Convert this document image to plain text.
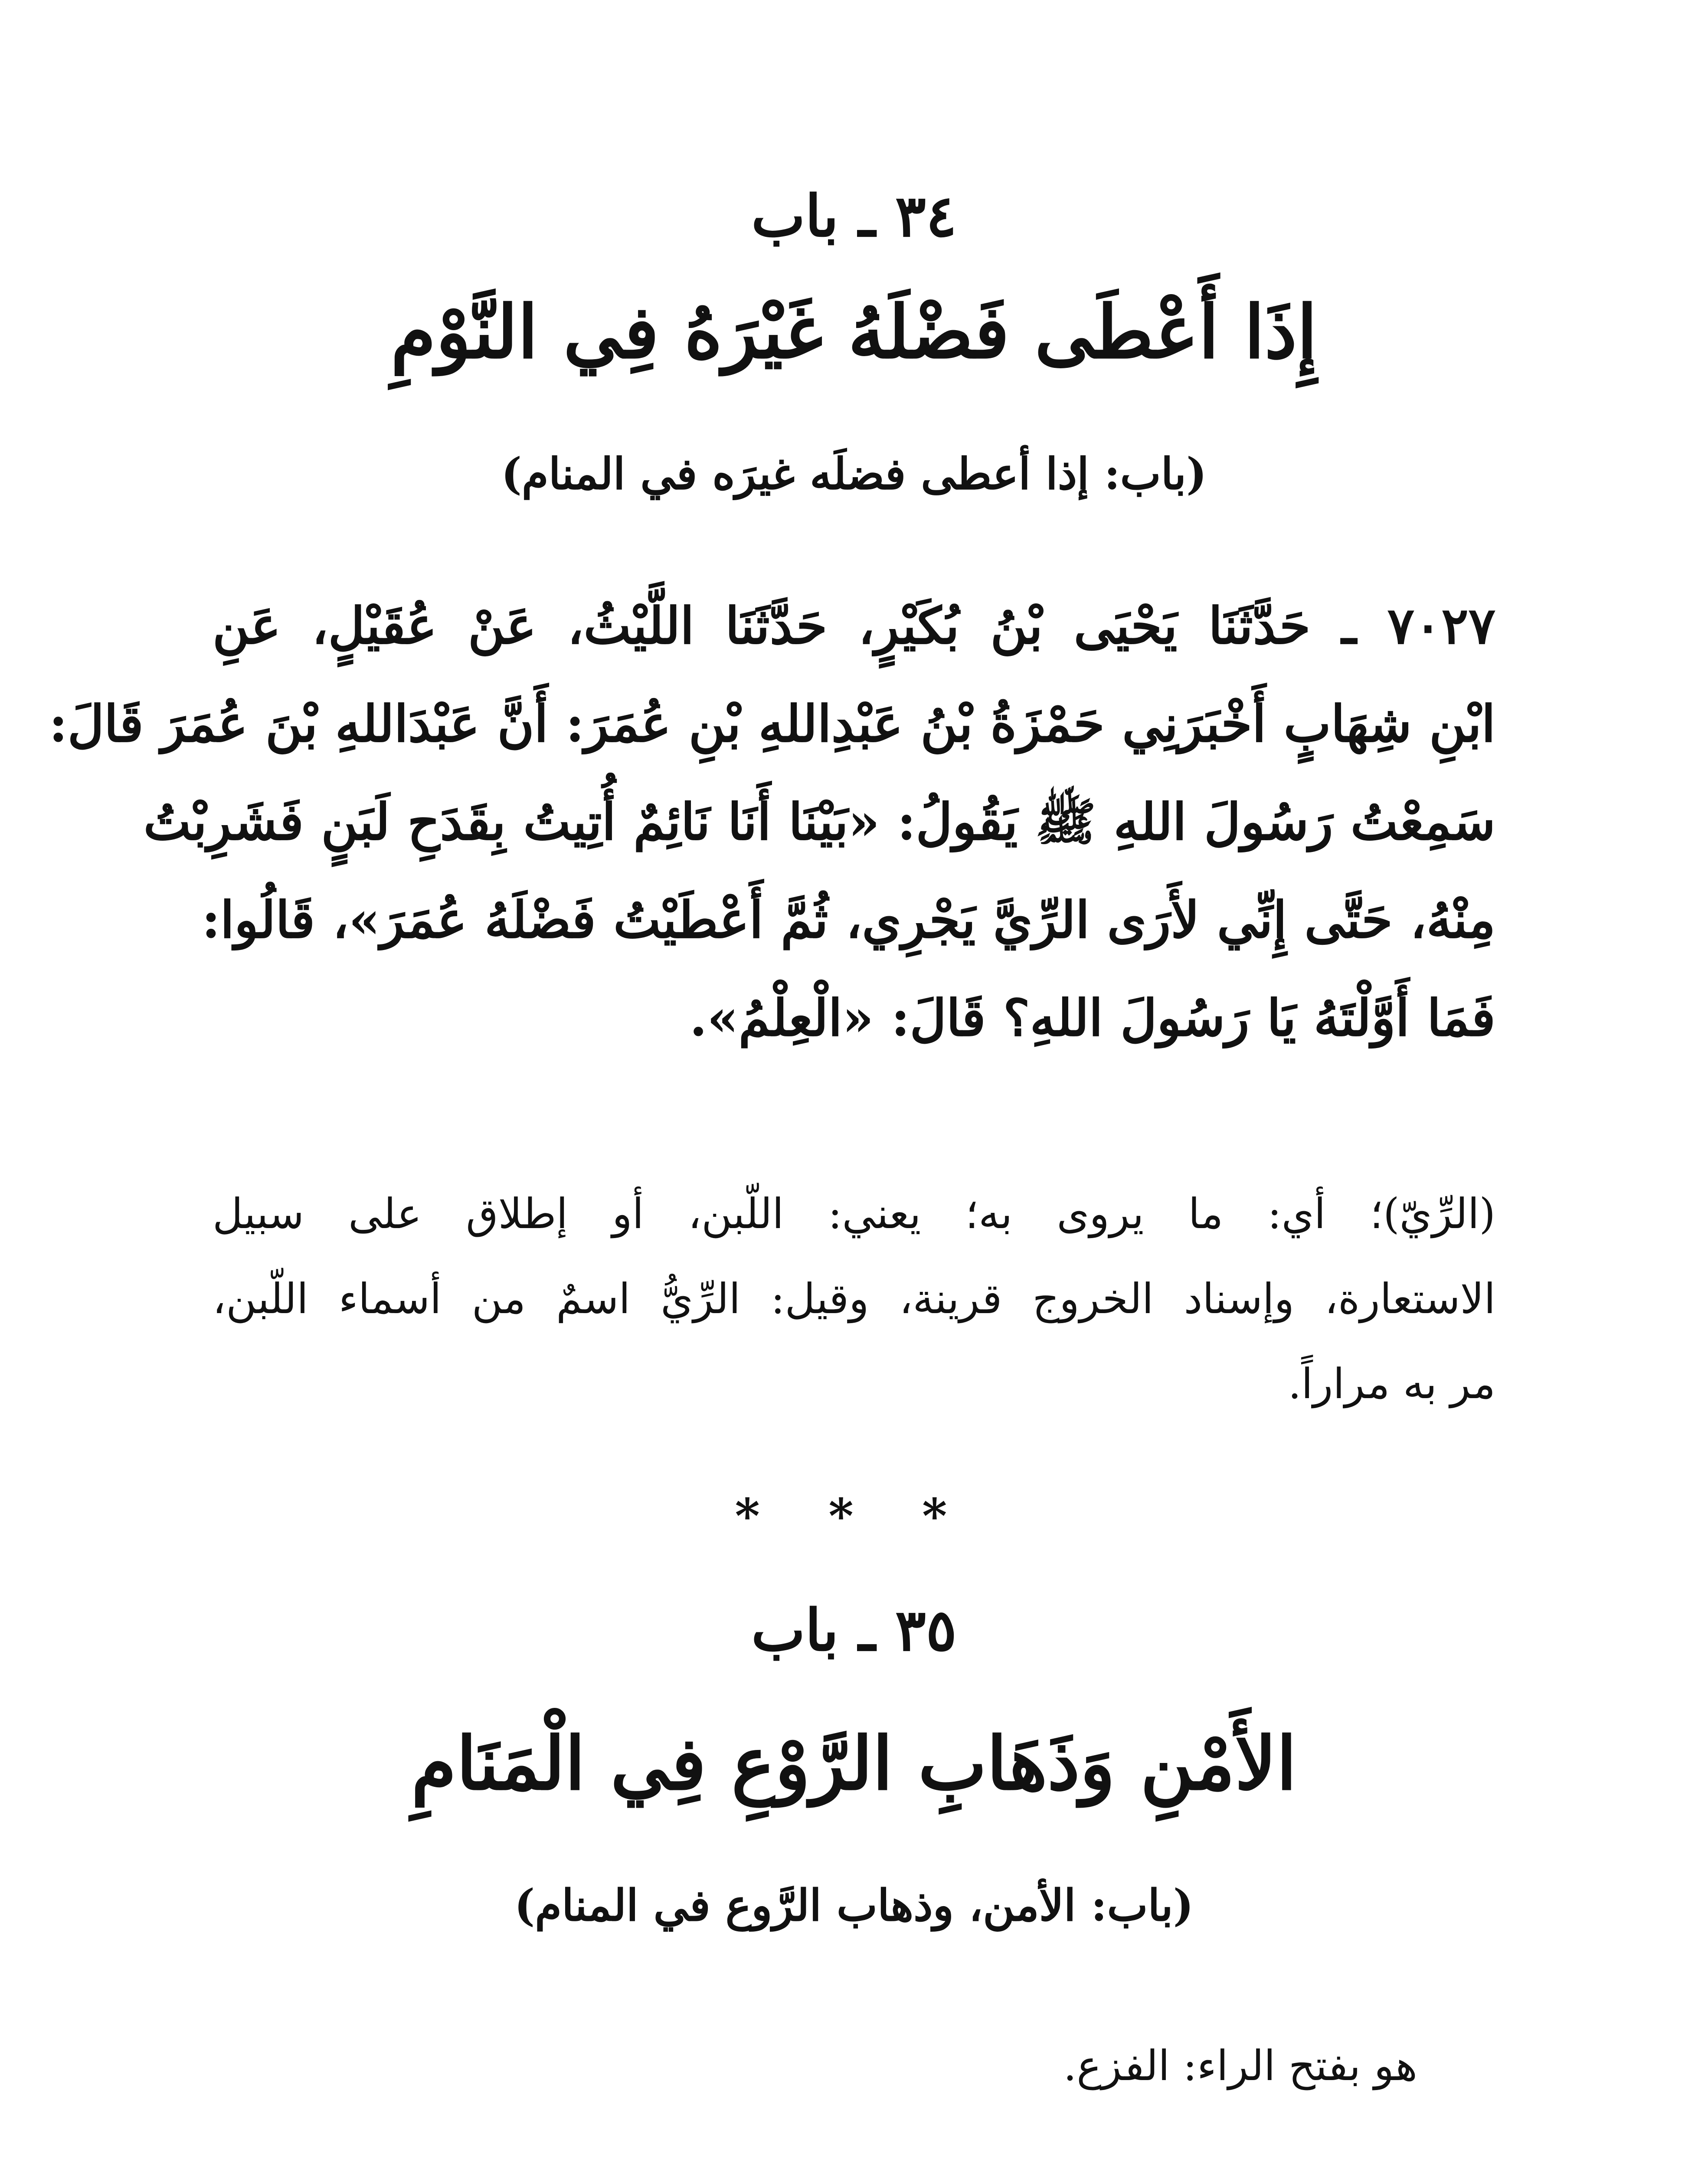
٣٤ ـ باب
إِذَا أَعْطَى فَضْلَهُ غَيْرَهُ فِي النَّوْمِ
(باب: إذا أعطى فضلَه غيرَه في المنام)
٧٠٢٧ ـ حَدَّثَنَا يَحْيَى بْنُ بُكَيْرٍ، حَدَّثَنَا اللَّيْثُ، عَنْ عُقَيْلٍ، عَنِ
ابْنِ شِهَابٍ أَخْبَرَنِي حَمْزَةُ بْنُ عَبْدِاللهِ بْنِ عُمَرَ: أَنَّ عَبْدَاللهِ بْنَ عُمَرَ قَالَ:
سَمِعْتُ رَسُولَ اللهِ ﷺ يَقُولُ: «بَيْنَا أَنَا نَائِمٌ أُتِيتُ بِقَدَحِ لَبَنٍ فَشَرِبْتُ
مِنْهُ، حَتَّى إِنِّي لأَرَى الرِّيَّ يَجْرِي، ثُمَّ أَعْطَيْتُ فَضْلَهُ عُمَرَ»، قَالُوا:
فَمَا أَوَّلْتَهُ يَا رَسُولَ اللهِ؟ قَالَ: «الْعِلْمُ».
(الرِّيّ)؛ أي: ما يروى به؛ يعني: اللّبن، أو إطلاق على سبيل
الاستعارة، وإسناد الخروج قرينة، وقيل: الرِّيُّ اسمٌ من أسماء اللّبن،
مر به مراراً.
* * *
٣٥ ـ باب
الأَمْنِ وَذَهَابِ الرَّوْعِ فِي الْمَنَامِ
(باب: الأمن، وذهاب الرَّوع في المنام)
هو بفتح الراء: الفزع.
